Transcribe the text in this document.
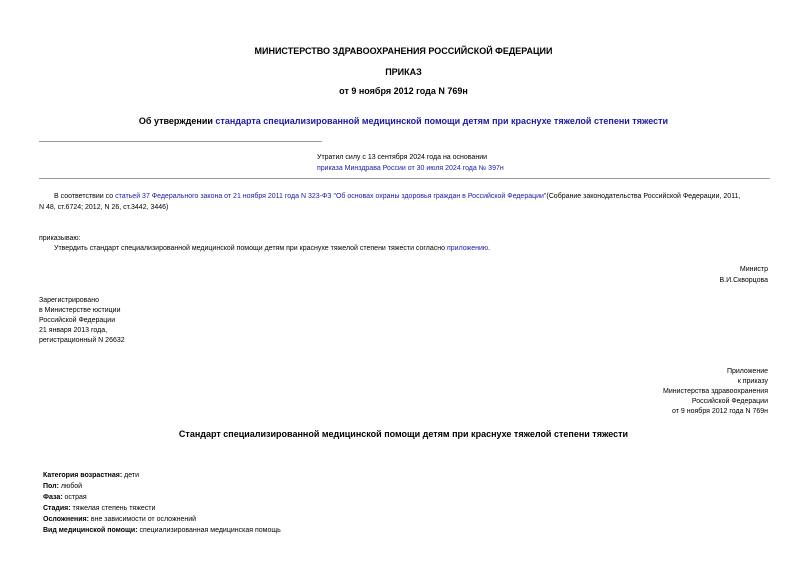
МИНИСТЕРСТВО ЗДРАВООХРАНЕНИЯ РОССИЙСКОЙ ФЕДЕРАЦИИ
ПРИКАЗ
от 9 ноября 2012 года N 769н
Об утверждении стандарта специализированной медицинской помощи детям при краснухе тяжелой степени тяжести
Утратил силу с 13 сентября 2024 года на основании
приказа Минздрава России от 30 июля 2024 года № 397н
В соответствии со статьей 37 Федерального закона от 21 ноября 2011 года N 323-ФЗ "Об основах охраны здоровья граждан в Российской Федерации"(Собрание законодательства Российской Федерации, 2011,
N 48, ст.6724; 2012, N 26, ст.3442, 3446)
приказываю:
Утвердить стандарт специализированной медицинской помощи детям при краснухе тяжелой степени тяжести согласно приложению.
Министр
В.И.Скворцова
Зарегистрировано
в Министерстве юстиции
Российской Федерации
21 января 2013 года,
регистрационный N 26632
Приложение
к приказу
Министерства здравоохранения
Российской Федерации
от 9 ноября 2012 года N 769н
Стандарт специализированной медицинской помощи детям при краснухе тяжелой степени тяжести
Категория возрастная: дети
Пол: любой
Фаза: острая
Стадия: тяжелая степень тяжести
Осложнения: вне зависимости от осложнений
Вид медицинской помощи: специализированная медицинская помощь
